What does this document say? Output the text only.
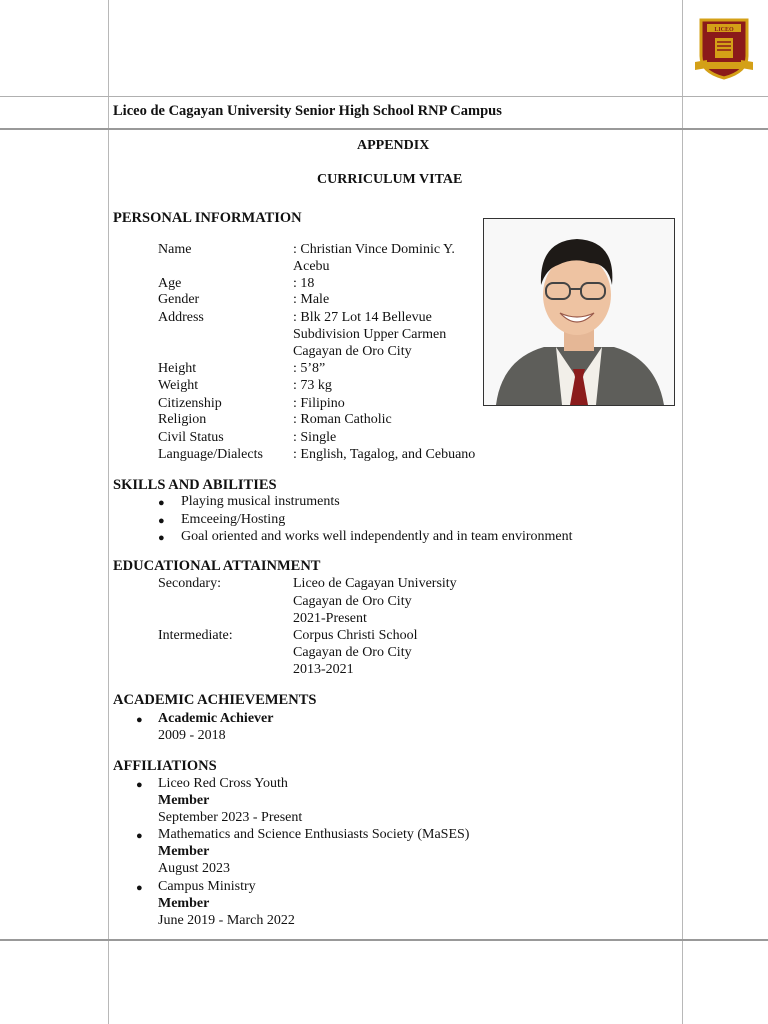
LICEO
Liceo de Cagayan University Senior High School RNP Campus
APPENDIX
CURRICULUM VITAE
PERSONAL INFORMATION
Name	: Christian Vince Dominic Y.
Acebu
Age	: 18
Gender	: Male
Address	: Blk 27 Lot 14 Bellevue
Subdivision Upper Carmen
Cagayan de Oro City
Height	: 5’8”
Weight	: 73 kg
Citizenship	: Filipino
Religion	: Roman Catholic
Civil Status	: Single
Language/Dialects : English, Tagalog, and Cebuano
SKILLS AND ABILITIES
● Playing musical instruments
● Emceeing/Hosting
● Goal oriented and works well independently and in team environment
EDUCATIONAL ATTAINMENT
Secondary:	Liceo de Cagayan University
Cagayan de Oro City
2021-Present
Intermediate:	Corpus Christi School
Cagayan de Oro City
2013-2021
ACADEMIC ACHIEVEMENTS
● Academic Achiever
2009 - 2018
AFFILIATIONS
● Liceo Red Cross Youth
Member
September 2023 - Present
● Mathematics and Science Enthusiasts Society (MaSES)
Member
August 2023
● Campus Ministry
Member
June 2019 - March 2022
